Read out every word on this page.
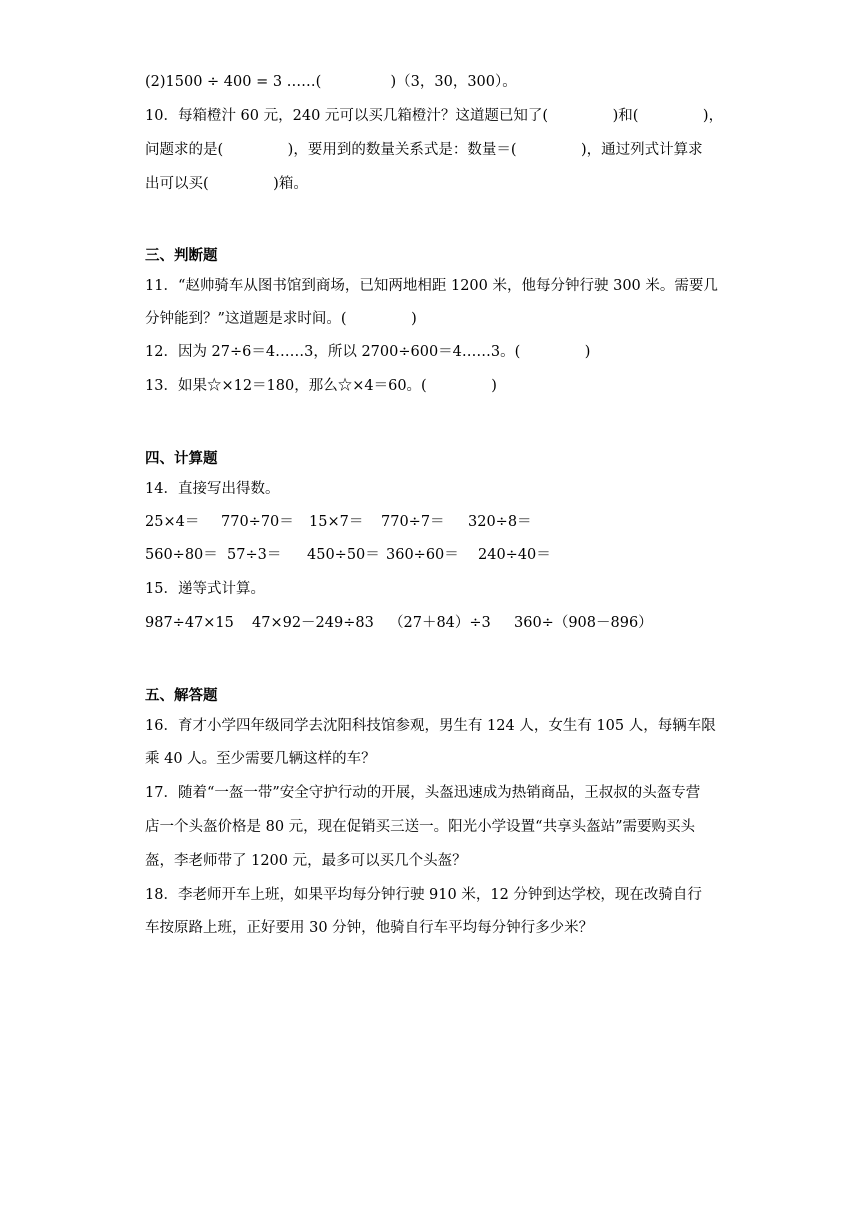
(2)1500 ÷ 400 = 3 ……(               )（3，30，300）。
10．每箱橙汁 60 元，240 元可以买几箱橙汁？这道题已知了(              )和(              )，
问题求的是(              )，要用到的数量关系式是：数量＝(              )，通过列式计算求
出可以买(              )箱。
三、判断题
11．“赵帅骑车从图书馆到商场，已知两地相距 1200 米，他每分钟行驶 300 米。需要几
分钟能到？”这道题是求时间。(              )
12．因为 27÷6＝4……3，所以 2700÷600＝4……3。(              )
13．如果☆×12＝180，那么☆×4＝60。(              )
四、计算题
14．直接写出得数。
25×4＝ 770÷70＝ 15×7＝ 770÷7＝ 320÷8＝
560÷80＝ 57÷3＝ 450÷50＝ 360÷60＝ 240÷40＝
15．递等式计算。
987÷47×15 47×92－249÷83 （27＋84）÷3 360÷（908－896）
五、解答题
16．育才小学四年级同学去沈阳科技馆参观，男生有 124 人，女生有 105 人，每辆车限
乘 40 人。至少需要几辆这样的车？
17．随着“一盔一带”安全守护行动的开展，头盔迅速成为热销商品，王叔叔的头盔专营
店一个头盔价格是 80 元，现在促销买三送一。阳光小学设置“共享头盔站”需要购买头
盔，李老师带了 1200 元，最多可以买几个头盔？
18．李老师开车上班，如果平均每分钟行驶 910 米，12 分钟到达学校，现在改骑自行
车按原路上班，正好要用 30 分钟，他骑自行车平均每分钟行多少米？
